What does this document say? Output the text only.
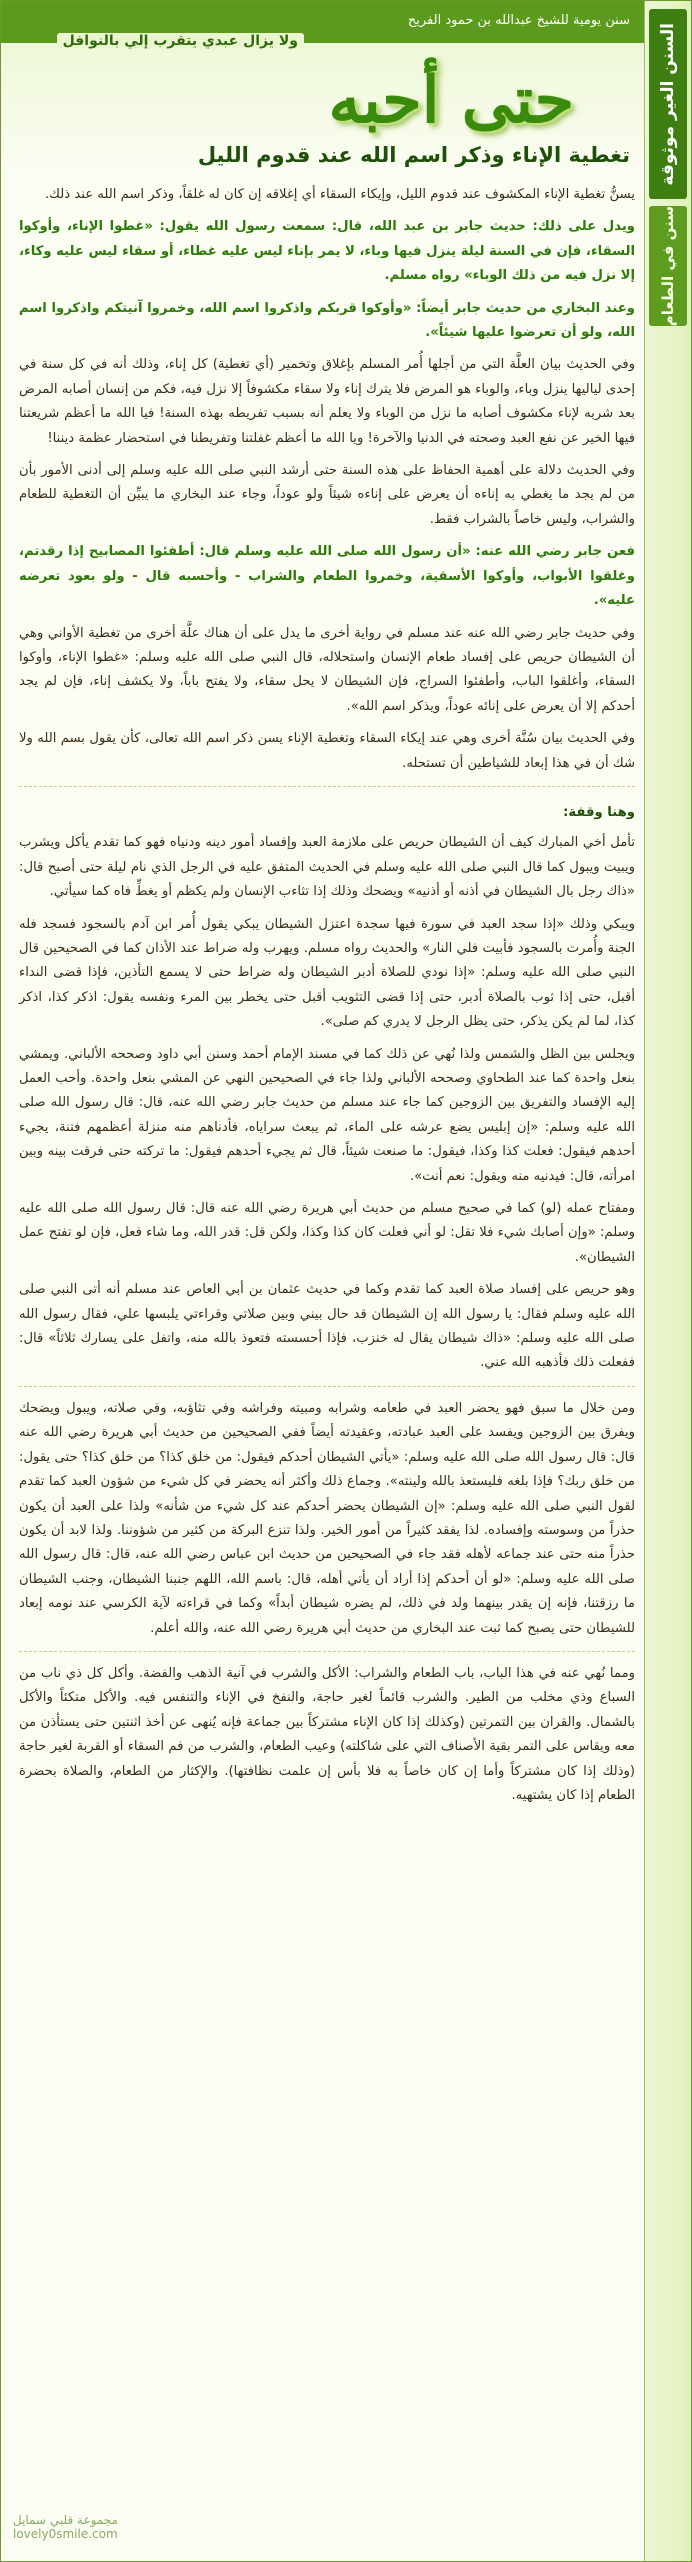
السنن الغير موثوقة
سنن في الطعام
سنن يومية للشيخ عبدالله بن حمود الفريح
ولا يزال عبدي يتقرب إلي بالنوافل
حتى أحبه
تغطية الإناء وذكر اسم الله عند قدوم الليل

يسنُّ تغطية الإناء المكشوف عند قدوم الليل، وإيكاء السقاء أي إغلاقه إن كان له غلقاً، وذكر اسم الله عند ذلك.

ويدل على ذلك: حديث جابر بن عبد الله، قال: سمعت رسول الله يقول: «غطوا الإناء، وأوكوا السقاء، فإن في السنة ليلة ينزل فيها وباء، لا يمر بإناء ليس عليه غطاء، أو سقاء ليس عليه وكاء، إلا نزل فيه من ذلك الوباء» رواه مسلم.

وعند البخاري من حديث جابر أيضاً: «وأوكوا قربكم واذكروا اسم الله، وخمروا آنيتكم واذكروا اسم الله، ولو أن تعرضوا عليها شيئاً».

وفي الحديث بيان العلَّة التي من أجلها أُمر المسلم بإغلاق وتخمير (أي تغطية) كل إناء، وذلك أنه في كل سنة في إحدى لياليها ينزل وباء، والوباء هو المرض فلا يترك إناء ولا سقاء مكشوفاً إلا نزل فيه، فكم من إنسان أصابه المرض بعد شربه لإناء مكشوف أصابه ما نزل من الوباء ولا يعلم أنه بسبب تفريطه بهذه السنة! فيا الله ما أعظم شريعتنا فيها الخير عن نفع العبد وصحته في الدنيا والآخرة! ويا الله ما أعظم غفلتنا وتفريطنا في استحضار عظمة ديننا!

وفي الحديث دلالة على أهمية الحفاظ على هذه السنة حتى أرشد النبي صلى الله عليه وسلم إلى أدنى الأمور بأن من لم يجد ما يغطي به إناءه أن يعرض على إناءه شيئاً ولو عوداً، وجاء عند البخاري ما يبيِّن أن التغطية للطعام والشراب، وليس خاصاً بالشراب فقط.

فعن جابر رضي الله عنه: «أن رسول الله صلى الله عليه وسلم قال: أطفئوا المصابيح إذا رقدتم، وغلقوا الأبواب، وأوكوا الأسقية، وخمروا الطعام والشراب - وأحسبه قال - ولو بعود تعرضه عليه».

وفي حديث جابر رضي الله عنه عند مسلم في رواية أخرى ما يدل على أن هناك علَّة أخرى من تغطية الأواني وهي أن الشيطان حريص على إفساد طعام الإنسان واستحلاله، قال النبي صلى الله عليه وسلم: «غطوا الإناء، وأوكوا السقاء، وأغلقوا الباب، وأطفئوا السراج، فإن الشيطان لا يحل سقاء، ولا يفتح باباً، ولا يكشف إناء، فإن لم يجد أحدكم إلا أن يعرض على إنائه عوداً، ويذكر اسم الله».

وفي الحديث بيان سُنَّة أخرى وهي عند إيكاء السقاء وتغطية الإناء يسن ذكر اسم الله تعالى، كأن يقول بسم الله ولا شك أن في هذا إبعاد للشياطين أن تستحله.

وهنا وقفة:

تأمل أخي المبارك كيف أن الشيطان حريص على ملازمة العبد وإفساد أمور دينه ودنياه فهو كما تقدم يأكل ويشرب ويبيت ويبول كما قال النبي صلى الله عليه وسلم في الحديث المتفق عليه في الرجل الذي نام ليلة حتى أصبح قال: «ذاك رجل بال الشيطان في أذنه أو أذنيه» ويضحك وذلك إذا تثاءب الإنسان ولم يكظم أو يغطِّ فاه كما سيأتي.

ويبكي وذلك «إذا سجد العبد في سورة فيها سجدة اعتزل الشيطان يبكي يقول أُمر ابن آدم بالسجود فسجد فله الجنة وأُمرت بالسجود فأبيت فلي النار» والحديث رواه مسلم. ويهرب وله ضراط عند الأذان كما في الصحيحين قال النبي صلى الله عليه وسلم: «إذا نودي للصلاة أدبر الشيطان وله ضراط حتى لا يسمع التأذين، فإذا قضى النداء أقبل، حتى إذا ثوب بالصلاة أدبر، حتى إذا قضى التثويب أقبل حتى يخطر بين المرء ونفسه يقول: اذكر كذا، اذكر كذا، لما لم يكن يذكر، حتى يظل الرجل لا يدري كم صلى».

ويجلس بين الظل والشمس ولذا نُهي عن ذلك كما في مسند الإمام أحمد وسنن أبي داود وصححه الألباني. ويمشي بنعل واحدة كما عند الطحاوي وصححه الألباني ولذا جاء في الصحيحين النهي عن المشي بنعل واحدة. وأحب العمل إليه الإفساد والتفريق بين الزوجين كما جاء عند مسلم من حديث جابر رضي الله عنه، قال: قال رسول الله صلى الله عليه وسلم: «إن إبليس يضع عرشه على الماء، ثم يبعث سراياه، فأدناهم منه منزلة أعظمهم فتنة، يجيء أحدهم فيقول: فعلت كذا وكذا، فيقول: ما صنعت شيئاً، قال ثم يجيء أحدهم فيقول: ما تركته حتى فرقت بينه وبين امرأته، قال: فيدنيه منه ويقول: نعم أنت».

ومفتاح عمله (لو) كما في صحيح مسلم من حديث أبي هريرة رضي الله عنه قال: قال رسول الله صلى الله عليه وسلم: «وإن أصابك شيء فلا تقل: لو أني فعلت كان كذا وكذا، ولكن قل: قدر الله، وما شاء فعل، فإن لو تفتح عمل الشيطان».

وهو حريص على إفساد صلاة العبد كما تقدم وكما في حديث عثمان بن أبي العاص عند مسلم أنه أتى النبي صلى الله عليه وسلم فقال: يا رسول الله إن الشيطان قد حال بيني وبين صلاتي وقراءتي يلبسها علي، فقال رسول الله صلى الله عليه وسلم: «ذاك شيطان يقال له خنزب، فإذا أحسسته فتعوذ بالله منه، واتفل على يسارك ثلاثاً» قال: ففعلت ذلك فأذهبه الله عني.

ومن خلال ما سبق فهو يحضر العبد في طعامه وشرابه ومبيته وفراشه وفي تثاؤبه، وفي صلاته، ويبول ويضحك ويفرق بين الزوجين ويفسد على العبد عبادته، وعقيدته أيضاً ففي الصحيحين من حديث أبي هريرة رضي الله عنه قال: قال رسول الله صلى الله عليه وسلم: «يأتي الشيطان أحدكم فيقول: من خلق كذا؟ من خلق كذا؟ حتى يقول: من خلق ربك؟ فإذا بلغه فليستعذ بالله ولينته». وجماع ذلك وأكثر أنه يحضر في كل شيء من شؤون العبد كما تقدم لقول النبي صلى الله عليه وسلم: «إن الشيطان يحضر أحدكم عند كل شيء من شأنه» ولذا على العبد أن يكون حذراً من وسوسته وإفساده. لذا يفقد كثيراً من أمور الخير. ولذا تنزع البركة من كثير من شؤوننا. ولذا لابد أن يكون حذراً منه حتى عند جماعه لأهله فقد جاء في الصحيحين من حديث ابن عباس رضي الله عنه، قال: قال رسول الله صلى الله عليه وسلم: «لو أن أحدكم إذا أراد أن يأتي أهله، قال: باسم الله، اللهم جنبنا الشيطان، وجنب الشيطان ما رزقتنا، فإنه إن يقدر بينهما ولد في ذلك، لم يضره شيطان أبداً» وكما في قراءته لآية الكرسي عند نومه إبعاد للشيطان حتى يصبح كما ثبت عند البخاري من حديث أبي هريرة رضي الله عنه، والله أعلم.

ومما نُهي عنه في هذا الباب، باب الطعام والشراب: الأكل والشرب في آنية الذهب والفضة. وأكل كل ذي ناب من السباع وذي مخلب من الطير. والشرب قائماً لغير حاجة، والنفخ في الإناء والتنفس فيه. والأكل متكئاً والأكل بالشمال. والقران بين التمرتين (وكذلك إذا كان الإناء مشتركاً بين جماعة فإنه يُنهى عن أخذ اثنتين حتى يستأذن من معه ويقاس على التمر بقية الأصناف التي على شاكلته) وعيب الطعام، والشرب من فم السقاء أو القربة لغير حاجة (وذلك إذا كان مشتركاً وأما إن كان خاصاً به فلا بأس إن علمت نظافتها). والإكثار من الطعام، والصلاة بحضرة الطعام إذا كان يشتهيه.

مجموعة قلبي سمايل
lovely0smile.com
